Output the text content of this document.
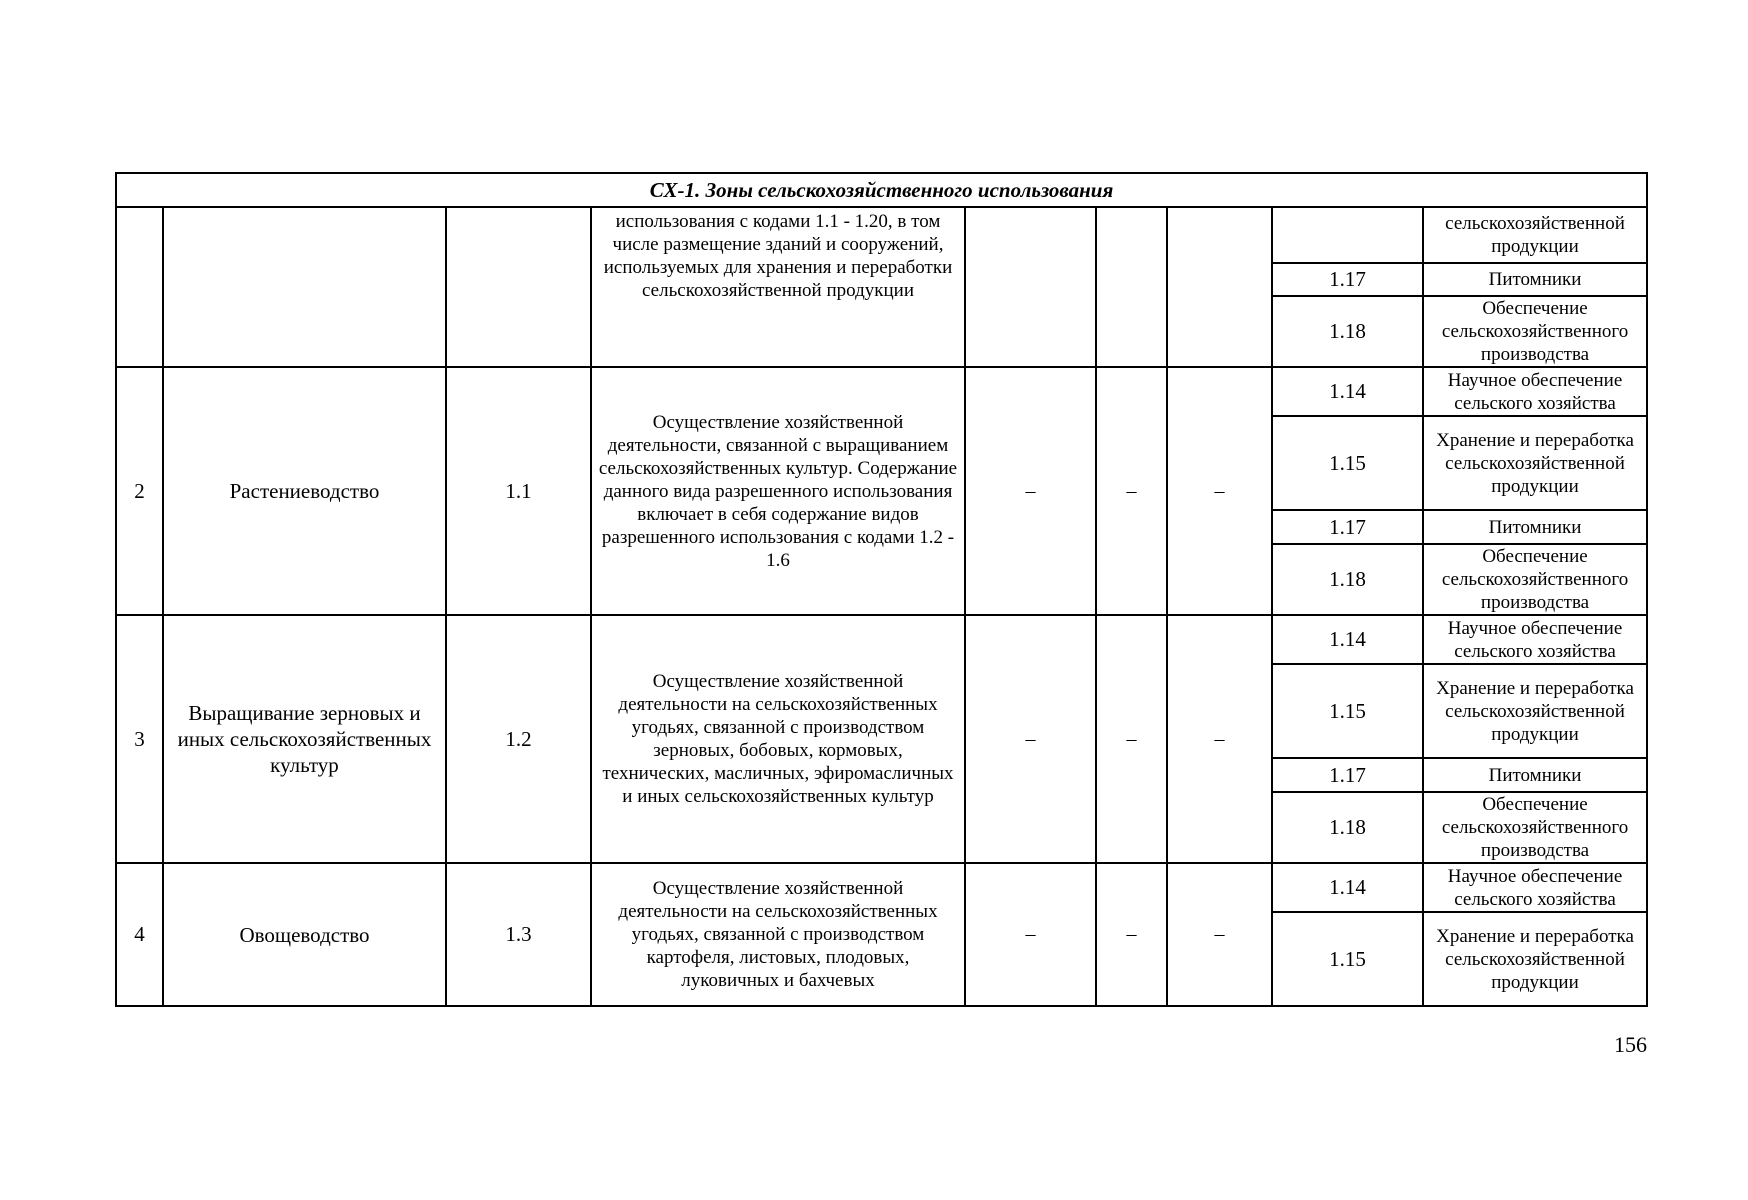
СХ-1. Зоны сельскохозяйственного использования								
			использования с кодами 1.1 - 1.20, в том числе размещение зданий и сооружений, используемых для хранения и переработки сельскохозяйственной продукции					сельскохозяйственной продукции
							1.17	Питомники
							1.18	Обеспечение сельскохозяйственного производства
2	Растениеводство	1.1	Осуществление хозяйственной деятельности, связанной с выращиванием сельскохозяйственных культур. Содержание данного вида разрешенного использования включает в себя содержание видов разрешенного использования с кодами 1.2 - 1.6	–	–	–	1.14	Научное обеспечение сельского хозяйства
							1.15	Хранение и переработка сельскохозяйственной продукции
							1.17	Питомники
							1.18	Обеспечение сельскохозяйственного производства
3	Выращивание зерновых и иных сельскохозяйственных культур	1.2	Осуществление хозяйственной деятельности на сельскохозяйственных угодьях, связанной с производством зерновых, бобовых, кормовых, технических, масличных, эфиромасличных и иных сельскохозяйственных культур	–	–	–	1.14	Научное обеспечение сельского хозяйства
							1.15	Хранение и переработка сельскохозяйственной продукции
							1.17	Питомники
							1.18	Обеспечение сельскохозяйственного производства
4	Овощеводство	1.3	Осуществление хозяйственной деятельности на сельскохозяйственных угодьях, связанной с производством картофеля, листовых, плодовых, луковичных и бахчевых	–	–	–	1.14	Научное обеспечение сельского хозяйства
							1.15	Хранение и переработка сельскохозяйственной продукции
156
